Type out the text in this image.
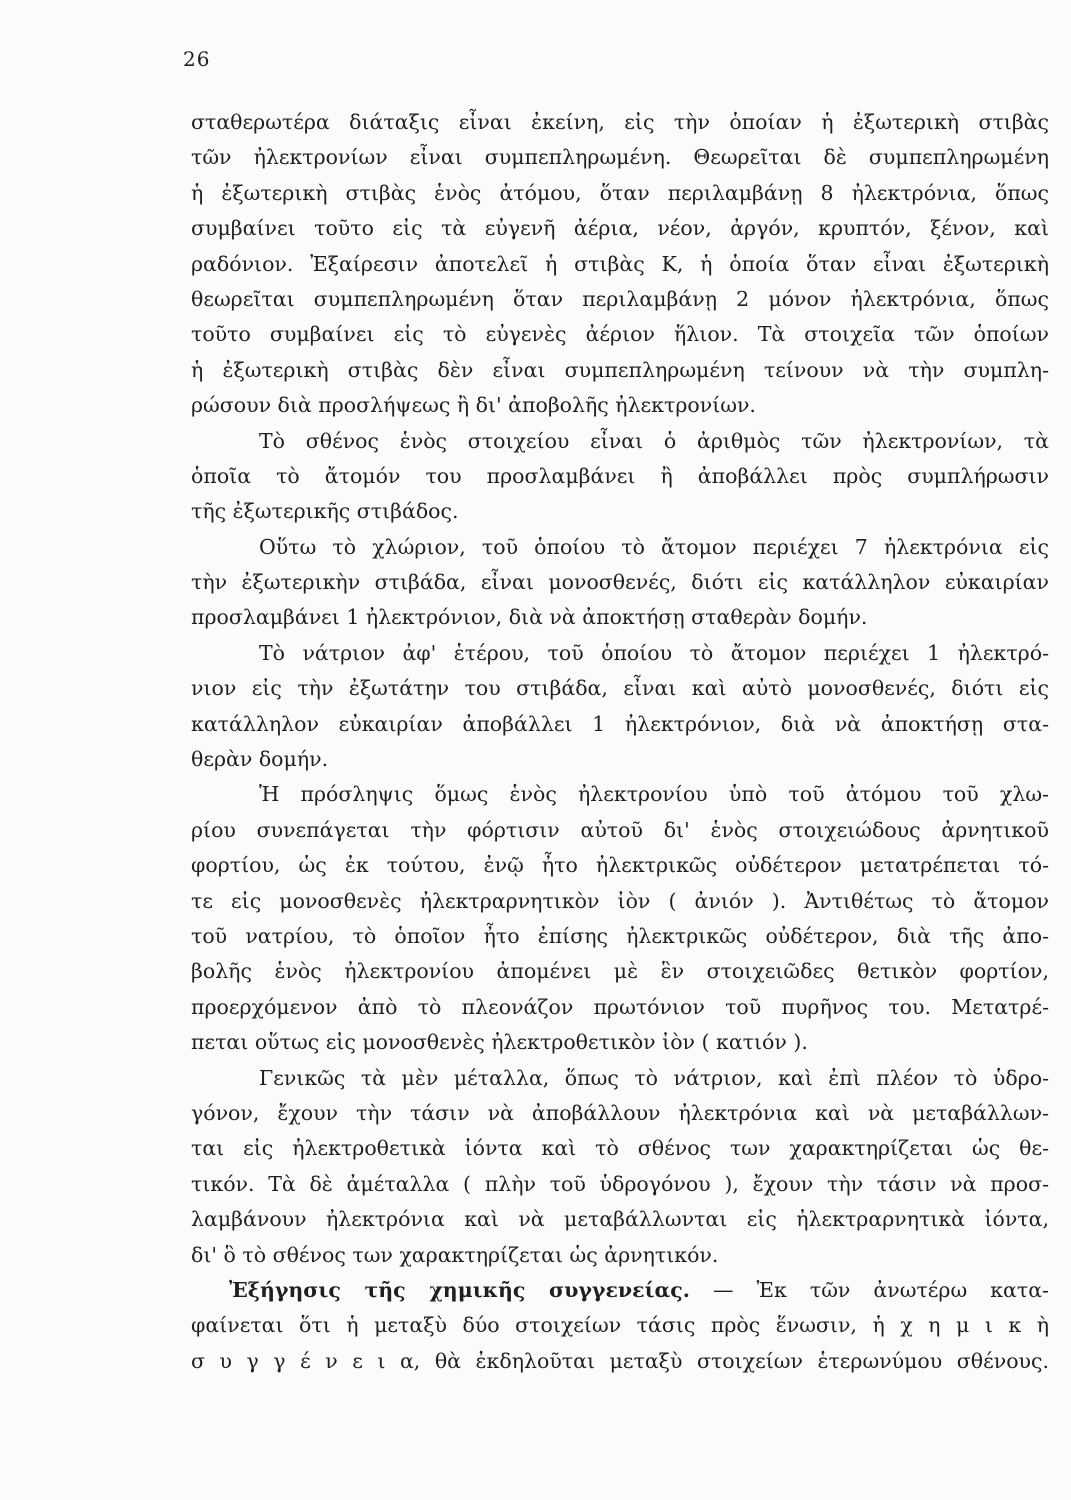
26
σταθερωτέρα διάταξις εἶναι ἐκείνη, εἰς τὴν ὁποίαν ἡ ἐξωτερικὴ στιβὰς
τῶν ἠλεκτρονίων εἶναι συμπεπληρωμένη. Θεωρεῖται δὲ συμπεπληρωμένη
ἡ ἐξωτερικὴ στιβὰς ἑνὸς ἀτόμου, ὅταν περιλαμβάνῃ 8 ἠλεκτρόνια, ὅπως
συμβαίνει τοῦτο εἰς τὰ εὐγενῆ ἀέρια, νέον, ἀργόν, κρυπτόν, ξένον, καὶ
ραδόνιον. Ἐξαίρεσιν ἀποτελεῖ ἡ στιβὰς Κ, ἡ ὁποία ὅταν εἶναι ἐξωτερικὴ
θεωρεῖται συμπεπληρωμένη ὅταν περιλαμβάνῃ 2 μόνον ἠλεκτρόνια, ὅπως
τοῦτο συμβαίνει εἰς τὸ εὐγενὲς ἀέριον ἥλιον. Τὰ στοιχεῖα τῶν ὁποίων
ἡ ἐξωτερικὴ στιβὰς δὲν εἶναι συμπεπληρωμένη τείνουν νὰ τὴν συμπλη-
ρώσουν διὰ προσλήψεως ἢ δι' ἀποβολῆς ἠλεκτρονίων.
Τὸ σθένος ἑνὸς στοιχείου εἶναι ὁ ἀριθμὸς τῶν ἠλεκτρονίων, τὰ
ὁποῖα τὸ ἄτομόν του προσλαμβάνει ἢ ἀποβάλλει πρὸς συμπλήρωσιν
τῆς ἐξωτερικῆς στιβάδος.
Οὕτω τὸ χλώριον, τοῦ ὁποίου τὸ ἄτομον περιέχει 7 ἠλεκτρόνια εἰς
τὴν ἐξωτερικὴν στιβάδα, εἶναι μονοσθενές, διότι εἰς κατάλληλον εὐκαιρίαν
προσλαμβάνει 1 ἠλεκτρόνιον, διὰ νὰ ἀποκτήσῃ σταθερὰν δομήν.
Τὸ νάτριον ἀφ' ἑτέρου, τοῦ ὁποίου τὸ ἄτομον περιέχει 1 ἠλεκτρό-
νιον εἰς τὴν ἐξωτάτην του στιβάδα, εἶναι καὶ αὐτὸ μονοσθενές, διότι εἰς
κατάλληλον εὐκαιρίαν ἀποβάλλει 1 ἠλεκτρόνιον, διὰ νὰ ἀποκτήσῃ στα-
θερὰν δομήν.
Ἡ πρόσληψις ὅμως ἑνὸς ἠλεκτρονίου ὑπὸ τοῦ ἀτόμου τοῦ χλω-
ρίου συνεπάγεται τὴν φόρτισιν αὐτοῦ δι' ἑνὸς στοιχειώδους ἀρνητικοῦ
φορτίου, ὡς ἐκ τούτου, ἐνῷ ἦτο ἠλεκτρικῶς οὐδέτερον μετατρέπεται τό-
τε εἰς μονοσθενὲς ἠλεκτραρνητικὸν ἰὸν ( ἀνιόν ). Ἀντιθέτως τὸ ἄτομον
τοῦ νατρίου, τὸ ὁποῖον ἦτο ἐπίσης ἠλεκτρικῶς οὐδέτερον, διὰ τῆς ἀπο-
βολῆς ἑνὸς ἠλεκτρονίου ἀπομένει μὲ ἓν στοιχειῶδες θετικὸν φορτίον,
προερχόμενον ἀπὸ τὸ πλεονάζον πρωτόνιον τοῦ πυρῆνος του. Μετατρέ-
πεται οὕτως εἰς μονοσθενὲς ἠλεκτροθετικὸν ἰὸν ( κατιόν ).
Γενικῶς τὰ μὲν μέταλλα, ὅπως τὸ νάτριον, καὶ ἐπὶ πλέον τὸ ὑδρο-
γόνον, ἔχουν τὴν τάσιν νὰ ἀποβάλλουν ἠλεκτρόνια καὶ νὰ μεταβάλλων-
ται εἰς ἠλεκτροθετικὰ ἰόντα καὶ τὸ σθένος των χαρακτηρίζεται ὡς θε-
τικόν. Τὰ δὲ ἀμέταλλα ( πλὴν τοῦ ὑδρογόνου ), ἔχουν τὴν τάσιν νὰ προσ-
λαμβάνουν ἠλεκτρόνια καὶ νὰ μεταβάλλωνται εἰς ἠλεκτραρνητικὰ ἰόντα,
δι' ὃ τὸ σθένος των χαρακτηρίζεται ὡς ἀρνητικόν.
Ἐξήγησις τῆς χημικῆς συγγενείας. — Ἐκ τῶν ἀνωτέρω κατα-
φαίνεται ὅτι ἡ μεταξὺ δύο στοιχείων τάσις πρὸς ἕνωσιν, ἡ χ η μ ι κ ὴ
σ υ γ γ έ ν ε ι α, θὰ ἐκδηλοῦται μεταξὺ στοιχείων ἑτερωνύμου σθένους.
